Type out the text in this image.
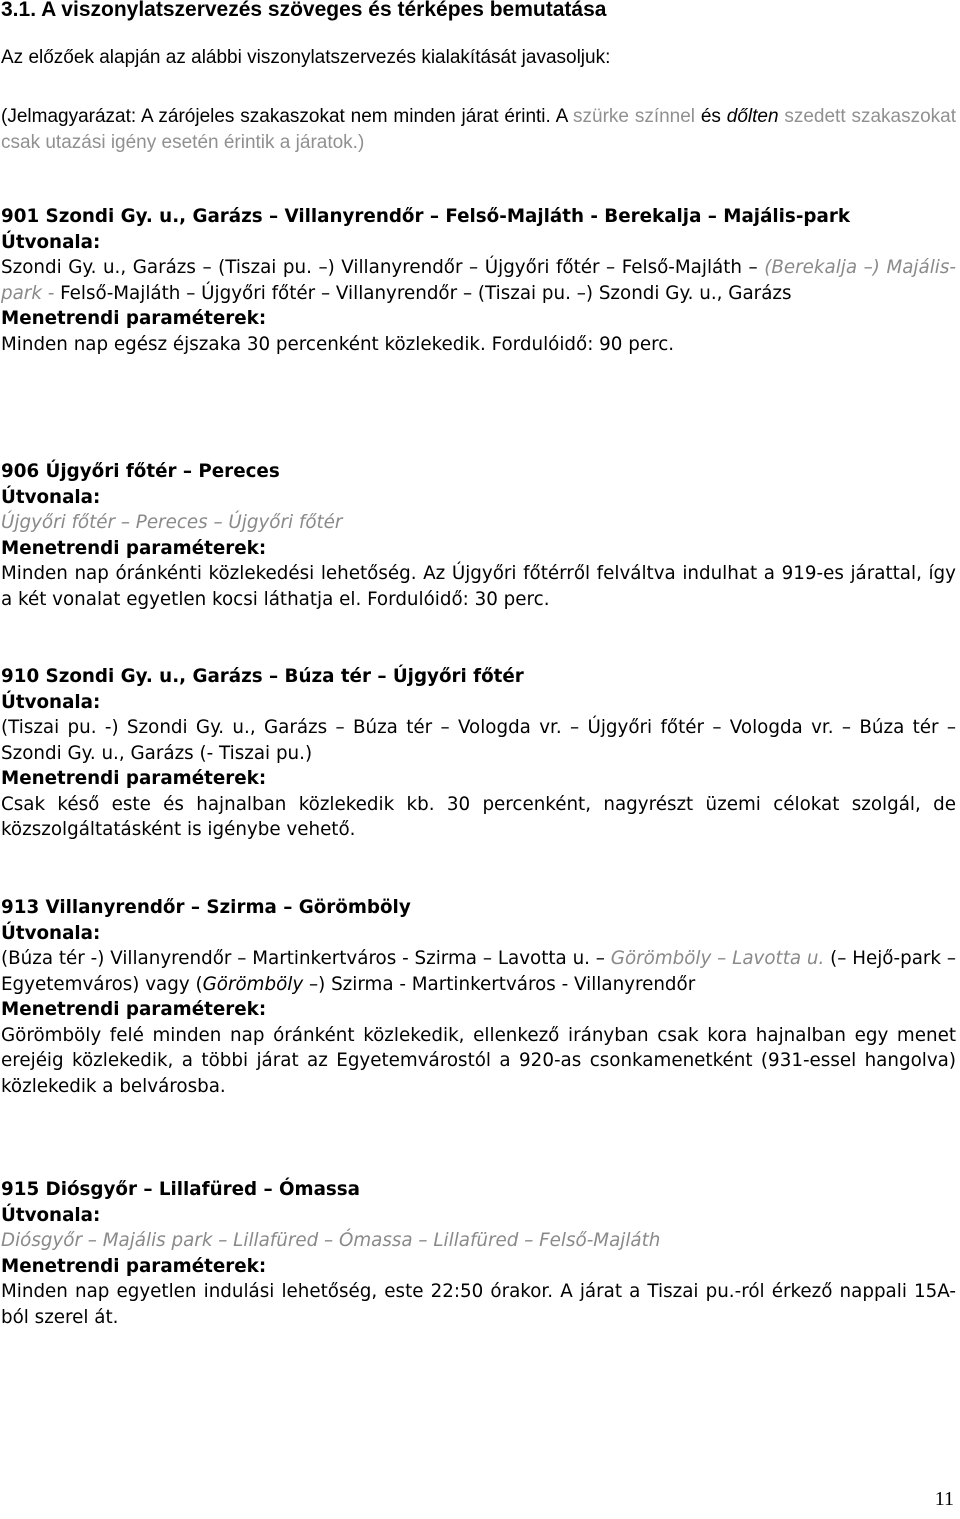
3.1. A viszonylatszervezés szöveges és térképes bemutatása

Az előzőek alapján az alábbi viszonylatszervezés kialakítását javasoljuk:

(Jelmagyarázat: A zárójeles szakaszokat nem minden járat érinti. A szürke színnel és dőlten szedett szakaszokat csak utazási igény esetén érintik a járatok.)

901 Szondi Gy. u., Garázs – Villanyrendőr – Felső-Majláth - Berekalja – Majális-park
Útvonala:
Szondi Gy. u., Garázs – (Tiszai pu. –) Villanyrendőr – Újgyőri főtér – Felső-Majláth – (Berekalja –) Majális-park - Felső-Majláth – Újgyőri főtér – Villanyrendőr – (Tiszai pu. –) Szondi Gy. u., Garázs
Menetrendi paraméterek:
Minden nap egész éjszaka 30 percenként közlekedik. Fordulóidő: 90 perc.
906 Újgyőri főtér – Pereces
Útvonala:
Újgyőri főtér – Pereces – Újgyőri főtér
Menetrendi paraméterek:
Minden nap óránkénti közlekedési lehetőség. Az Újgyőri főtérről felváltva indulhat a 919-es járattal, így a két vonalat egyetlen kocsi láthatja el. Fordulóidő: 30 perc.
910 Szondi Gy. u., Garázs – Búza tér – Újgyőri főtér
Útvonala:
(Tiszai pu. -) Szondi Gy. u., Garázs – Búza tér – Vologda vr. – Újgyőri főtér – Vologda vr. – Búza tér – Szondi Gy. u., Garázs (- Tiszai pu.)
Menetrendi paraméterek:
Csak késő este és hajnalban közlekedik kb. 30 percenként, nagyrészt üzemi célokat szolgál, de közszolgáltatásként is igénybe vehető.
913 Villanyrendőr – Szirma – Görömböly
Útvonala:
(Búza tér -) Villanyrendőr – Martinkertváros - Szirma – Lavotta u. – Görömböly – Lavotta u. (– Hejő-park – Egyetemváros) vagy (Görömböly –) Szirma - Martinkertváros - Villanyrendőr
Menetrendi paraméterek:
Görömböly felé minden nap óránként közlekedik, ellenkező irányban csak kora hajnalban egy menet erejéig közlekedik, a többi járat az Egyetemvárostól a 920-as csonkamenetként (931-essel hangolva) közlekedik a belvárosba.
915 Diósgyőr – Lillafüred – Ómassa
Útvonala:
Diósgyőr – Majális park – Lillafüred – Ómassa – Lillafüred – Felső-Majláth
Menetrendi paraméterek:
Minden nap egyetlen indulási lehetőség, este 22:50 órakor. A járat a Tiszai pu.-ról érkező nappali 15A-ból szerel át.
11
